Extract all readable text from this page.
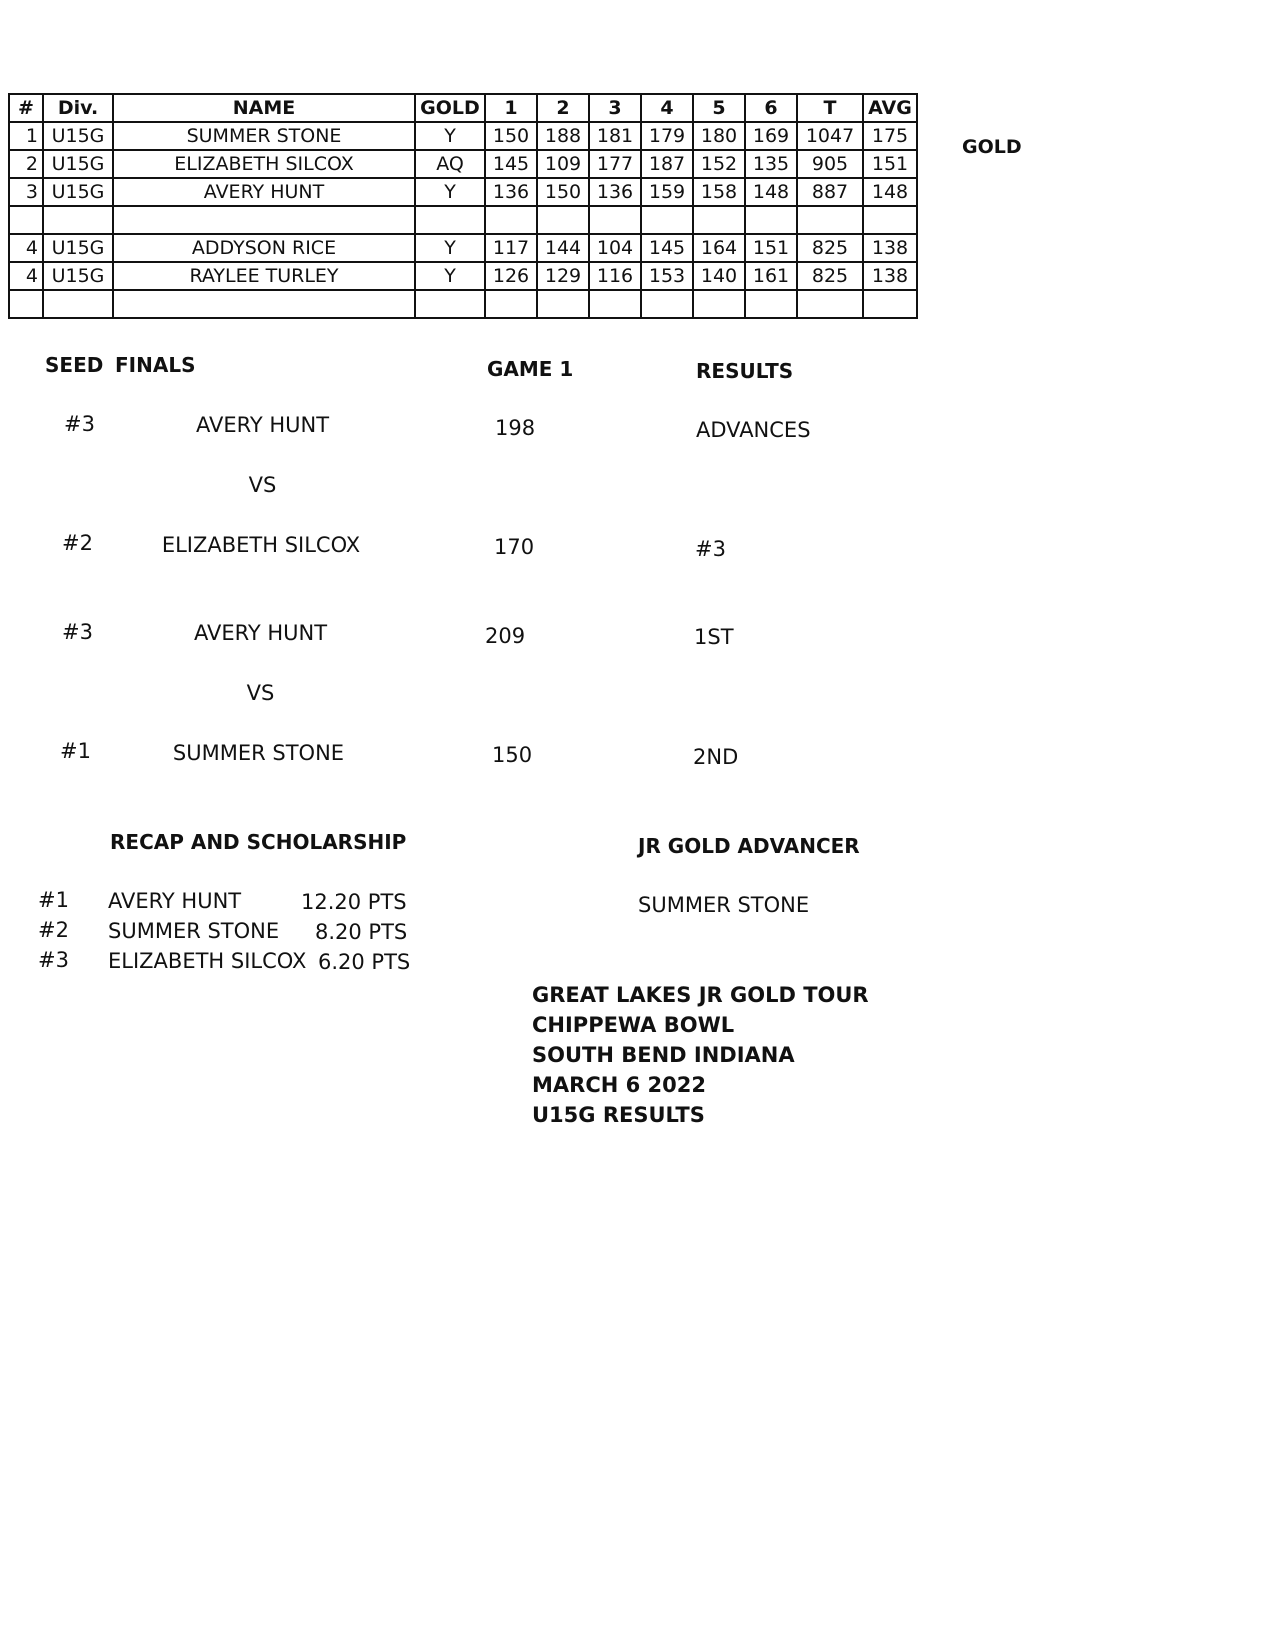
#	Div.	NAME	GOLD	1	2	3	4	5	6	T	AVG
1	U15G	SUMMER STONE	Y	150	188	181	179	180	169	1047	175
2	U15G	ELIZABETH SILCOX	AQ	145	109	177	187	152	135	905	151
3	U15G	AVERY HUNT	Y	136	150	136	159	158	148	887	148

4	U15G	ADDYSON RICE	Y	117	144	104	145	164	151	825	138
4	U15G	RAYLEE TURLEY	Y	126	129	116	153	140	161	825	138

GOLD
SEED FINALS	GAME 1	RESULTS
#3	AVERY HUNT	198	ADVANCES
VS
#2	ELIZABETH SILCOX	170	#3
#3	AVERY HUNT	209	1ST
VS
#1	SUMMER STONE	150	2ND
RECAP AND SCHOLARSHIP
#1 AVERY HUNT	12.20 PTS
#2 SUMMER STONE 8.20 PTS
#3 ELIZABETH SILCOX 6.20 PTS
JR GOLD ADVANCER
SUMMER STONE
GREAT LAKES JR GOLD TOUR
CHIPPEWA BOWL
SOUTH BEND INDIANA
MARCH 6 2022
U15G RESULTS
